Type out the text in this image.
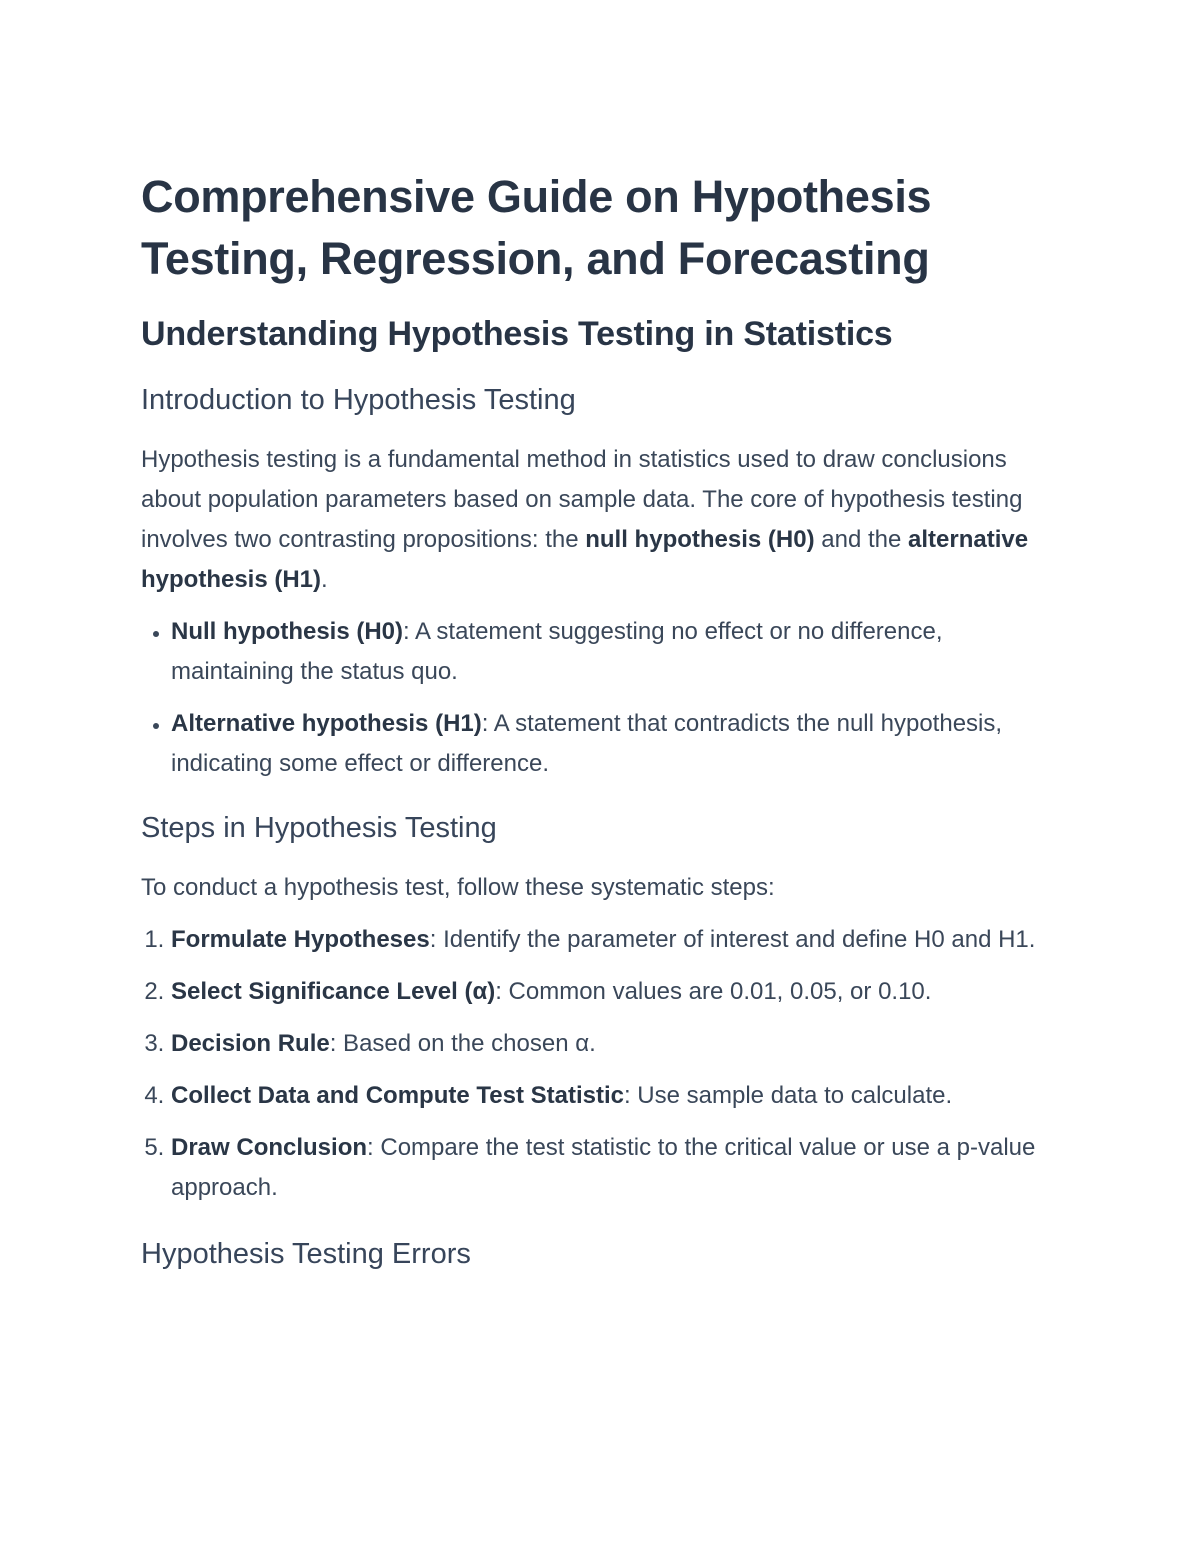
Comprehensive Guide on Hypothesis Testing, Regression, and Forecasting
Understanding Hypothesis Testing in Statistics
Introduction to Hypothesis Testing

Hypothesis testing is a fundamental method in statistics used to draw conclusions about population parameters based on sample data. The core of hypothesis testing involves two contrasting propositions: the null hypothesis (H0) and the alternative hypothesis (H1).

• Null hypothesis (H0): A statement suggesting no effect or no difference, maintaining the status quo.
• Alternative hypothesis (H1): A statement that contradicts the null hypothesis, indicating some effect or difference.
Steps in Hypothesis Testing

To conduct a hypothesis test, follow these systematic steps:

1. Formulate Hypotheses: Identify the parameter of interest and define H0 and H1.
2. Select Significance Level (α): Common values are 0.01, 0.05, or 0.10.
3. Decision Rule: Based on the chosen α.
4. Collect Data and Compute Test Statistic: Use sample data to calculate.
5. Draw Conclusion: Compare the test statistic to the critical value or use a p-value approach.
Hypothesis Testing Errors
